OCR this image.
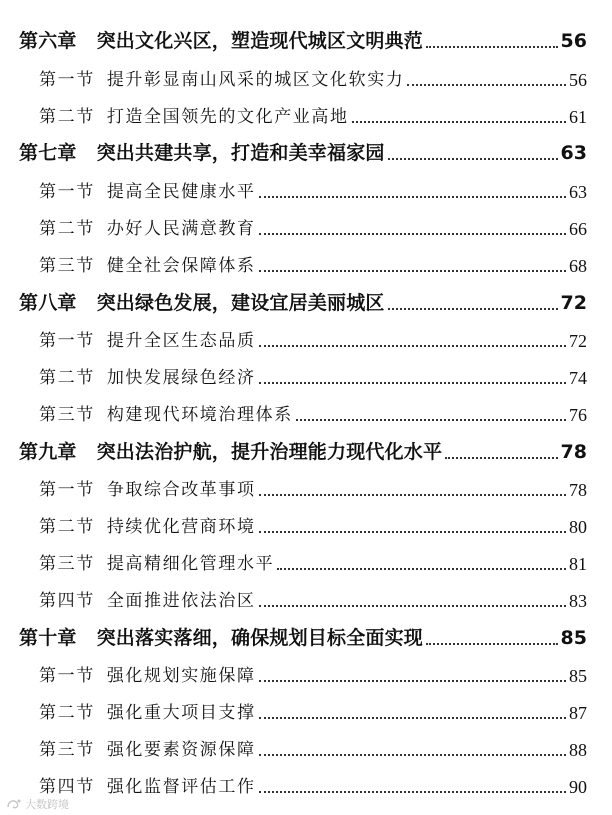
第六章 突出文化兴区，塑造现代城区文明典范	56
第一节 提升彰显南山风采的城区文化软实力	56
第二节 打造全国领先的文化产业高地	61
第七章 突出共建共享，打造和美幸福家园	63
第一节 提高全民健康水平	63
第二节 办好人民满意教育	66
第三节 健全社会保障体系	68
第八章 突出绿色发展，建设宜居美丽城区	72
第一节 提升全区生态品质	72
第二节 加快发展绿色经济	74
第三节 构建现代环境治理体系	76
第九章 突出法治护航，提升治理能力现代化水平	78
第一节 争取综合改革事项	78
第二节 持续优化营商环境	80
第三节 提高精细化管理水平	81
第四节 全面推进依法治区	83
第十章 突出落实落细，确保规划目标全面实现	85
第一节 强化规划实施保障	85
第二节 强化重大项目支撑	87
第三节 强化要素资源保障	88
第四节 强化监督评估工作	90
大数跨境
